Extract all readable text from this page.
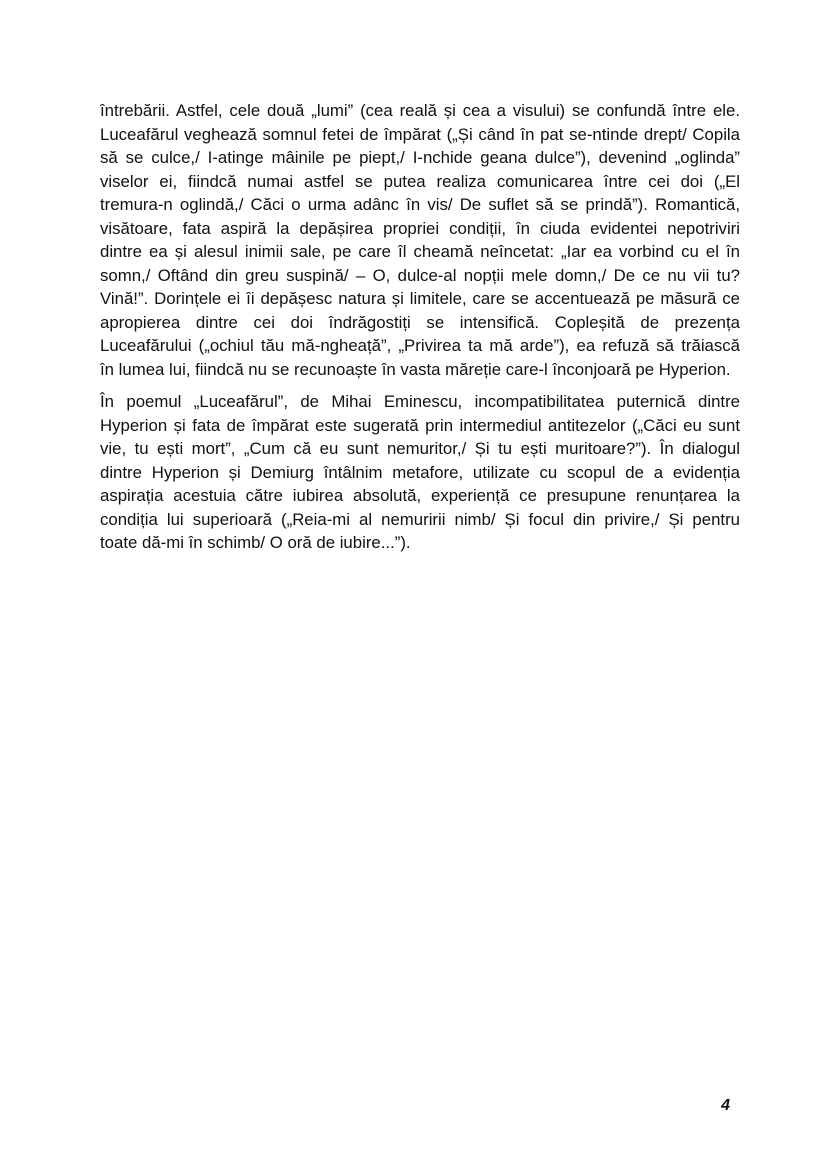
întrebării. Astfel, cele două „lumi” (cea reală și cea a visului) se confundă între ele.
Luceafărul veghează somnul fetei de împărat („Și când în pat se-ntinde drept/ Copila
să se culce,/ I-atinge mâinile pe piept,/ I-nchide geana dulce”), devenind „oglinda”
viselor ei, fiindcă numai astfel se putea realiza comunicarea între cei doi („El
tremura-n oglindă,/ Căci o urma adânc în vis/ De suflet să se prindă”). Romantică,
visătoare, fata aspiră la depășirea propriei condiții, în ciuda evidentei nepotriviri
dintre ea și alesul inimii sale, pe care îl cheamă neîncetat: „Iar ea vorbind cu el în
somn,/ Oftând din greu suspină/ – O, dulce-al nopții mele domn,/ De ce nu vii tu?
Vină!”. Dorințele ei îi depășesc natura și limitele, care se accentuează pe măsură ce
apropierea dintre cei doi îndrăgostiți se intensifică. Copleșită de prezența
Luceafărului („ochiul tău mă-ngheață”, „Privirea ta mă arde”), ea refuză să trăiască
în lumea lui, fiindcă nu se recunoaște în vasta măreție care-l înconjoară pe Hyperion.
În poemul „Luceafărul”, de Mihai Eminescu, incompatibilitatea puternică dintre
Hyperion și fata de împărat este sugerată prin intermediul antitezelor („Căci eu sunt
vie, tu ești mort”, „Cum că eu sunt nemuritor,/ Și tu ești muritoare?”). În dialogul
dintre Hyperion și Demiurg întâlnim metafore, utilizate cu scopul de a evidenția
aspirația acestuia către iubirea absolută, experiență ce presupune renunțarea la
condiția lui superioară („Reia-mi al nemuririi nimb/ Și focul din privire,/ Și pentru
toate dă-mi în schimb/ O oră de iubire...”).
4
